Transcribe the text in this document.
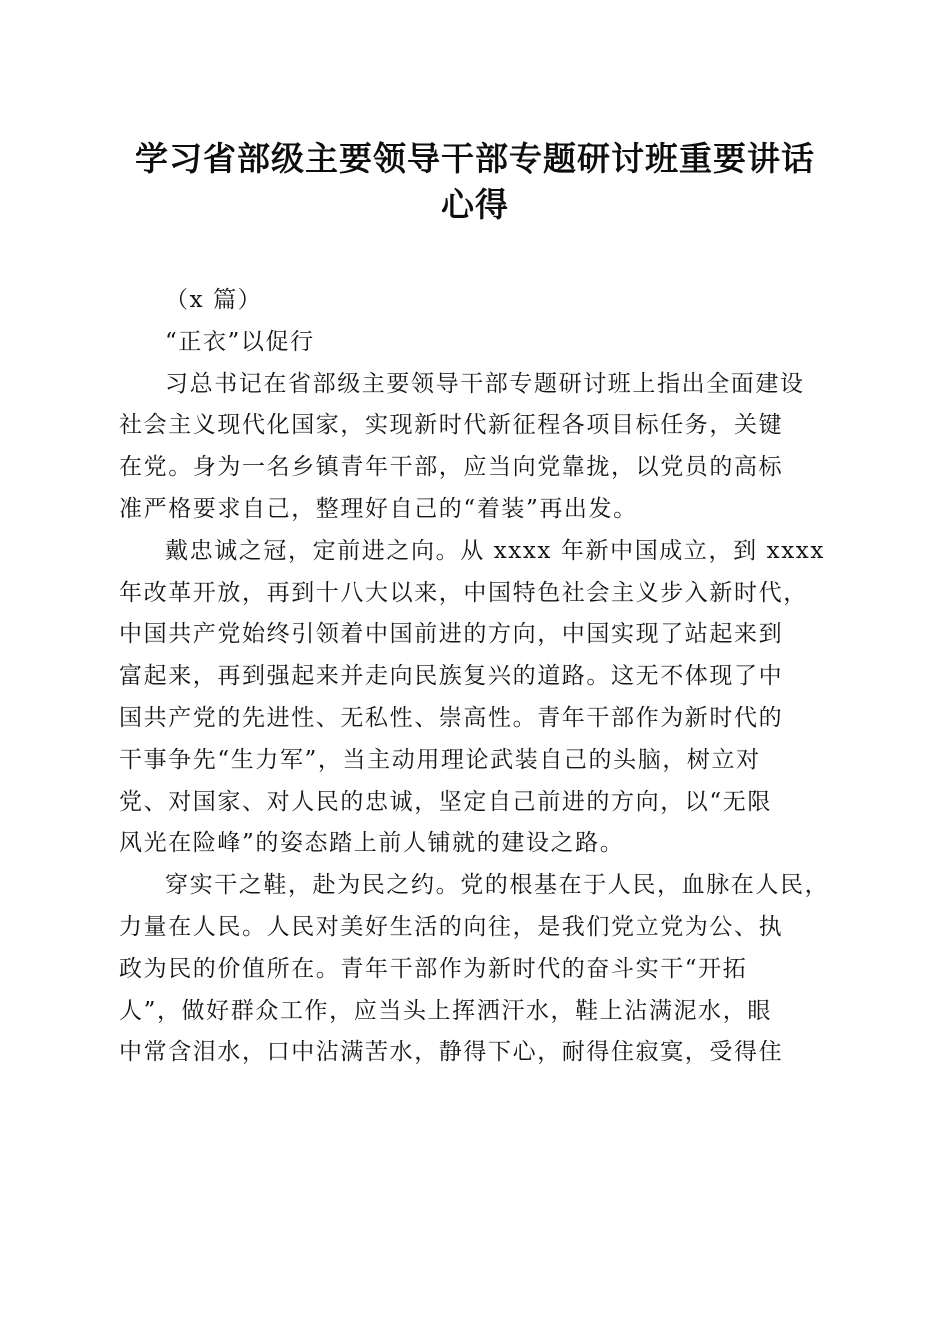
学习省部级主要领导干部专题研讨班重要讲话
心得
（x 篇）
“正衣”以促行
习总书记在省部级主要领导干部专题研讨班上指出全面建设
社会主义现代化国家，实现新时代新征程各项目标任务，关键
在党。身为一名乡镇青年干部，应当向党靠拢，以党员的高标
准严格要求自己，整理好自己的“着装”再出发。
戴忠诚之冠，定前进之向。从 xxxx 年新中国成立，到 xxxx
年改革开放，再到十八大以来，中国特色社会主义步入新时代，
中国共产党始终引领着中国前进的方向，中国实现了站起来到
富起来，再到强起来并走向民族复兴的道路。这无不体现了中
国共产党的先进性、无私性、崇高性。青年干部作为新时代的
干事争先“生力军”，当主动用理论武装自己的头脑，树立对
党、对国家、对人民的忠诚，坚定自己前进的方向，以“无限
风光在险峰”的姿态踏上前人铺就的建设之路。
穿实干之鞋，赴为民之约。党的根基在于人民，血脉在人民，
力量在人民。人民对美好生活的向往，是我们党立党为公、执
政为民的价值所在。青年干部作为新时代的奋斗实干“开拓
人”，做好群众工作，应当头上挥洒汗水，鞋上沾满泥水，眼
中常含泪水，口中沾满苦水，静得下心，耐得住寂寞，受得住
